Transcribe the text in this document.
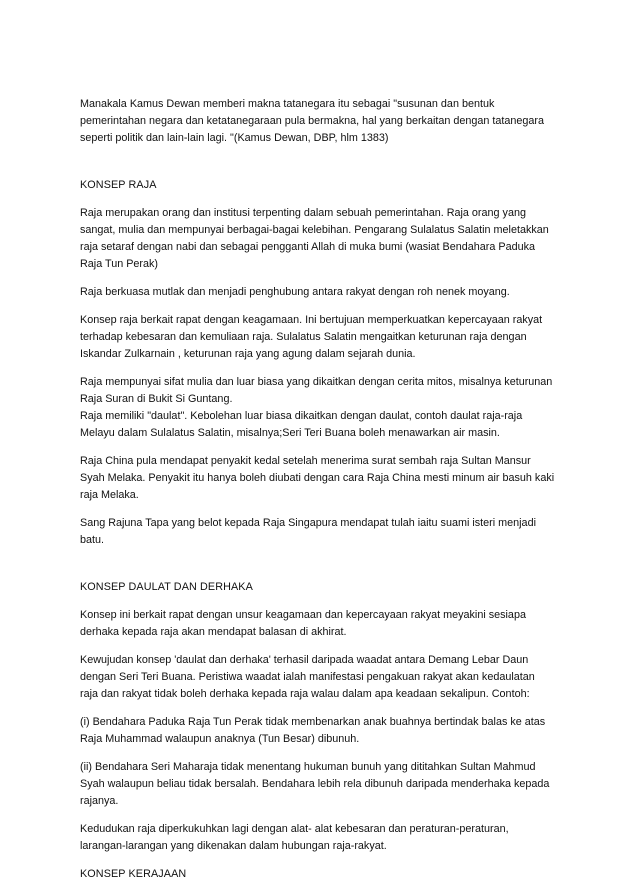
Manakala Kamus Dewan memberi makna tatanegara itu sebagai "susunan dan bentuk pemerintahan negara dan ketatanegaraan pula bermakna, hal yang berkaitan dengan tatanegara seperti politik dan lain-lain lagi. "(Kamus Dewan, DBP, hlm 1383)

KONSEP RAJA

Raja merupakan orang dan institusi terpenting dalam sebuah pemerintahan. Raja orang yang sangat, mulia dan mempunyai berbagai-bagai kelebihan. Pengarang Sulalatus Salatin meletakkan raja setaraf dengan nabi dan sebagai pengganti Allah di muka bumi (wasiat Bendahara Paduka Raja Tun Perak)

Raja berkuasa mutlak dan menjadi penghubung antara rakyat dengan roh nenek moyang.

Konsep raja berkait rapat dengan keagamaan. Ini bertujuan memperkuatkan kepercayaan rakyat terhadap kebesaran dan kemuliaan raja. Sulalatus Salatin mengaitkan keturunan raja dengan Iskandar Zulkarnain , keturunan raja yang agung dalam sejarah dunia.

Raja mempunyai sifat mulia dan luar biasa yang dikaitkan dengan cerita mitos, misalnya keturunan Raja Suran di Bukit Si Guntang.

Raja memiliki "daulat". Kebolehan luar biasa dikaitkan dengan daulat, contoh daulat raja-raja Melayu dalam Sulalatus Salatin, misalnya;Seri Teri Buana boleh menawarkan air masin.

Raja China pula mendapat penyakit kedal setelah menerima surat sembah raja Sultan Mansur Syah Melaka. Penyakit itu hanya boleh diubati dengan cara Raja China mesti minum air basuh kaki raja Melaka.

Sang Rajuna Tapa yang belot kepada Raja Singapura mendapat tulah iaitu suami isteri menjadi batu.

KONSEP DAULAT DAN DERHAKA

Konsep ini berkait rapat dengan unsur keagamaan dan kepercayaan rakyat meyakini sesiapa derhaka kepada raja akan mendapat balasan di akhirat.

Kewujudan konsep 'daulat dan derhaka' terhasil daripada waadat antara Demang Lebar Daun dengan Seri Teri Buana. Peristiwa waadat ialah manifestasi pengakuan rakyat akan kedaulatan raja dan rakyat tidak boleh derhaka kepada raja walau dalam apa keadaan sekalipun. Contoh:

(i) Bendahara Paduka Raja Tun Perak tidak membenarkan anak buahnya bertindak balas ke atas Raja Muhammad walaupun anaknya (Tun Besar) dibunuh.

(ii) Bendahara Seri Maharaja tidak menentang hukuman bunuh yang dititahkan Sultan Mahmud Syah walaupun beliau tidak bersalah. Bendahara lebih rela dibunuh daripada menderhaka kepada rajanya.

Kedudukan raja diperkukuhkan lagi dengan alat- alat kebesaran dan peraturan-peraturan, larangan-larangan yang dikenakan dalam hubungan raja-rakyat.

KONSEP KERAJAAN
